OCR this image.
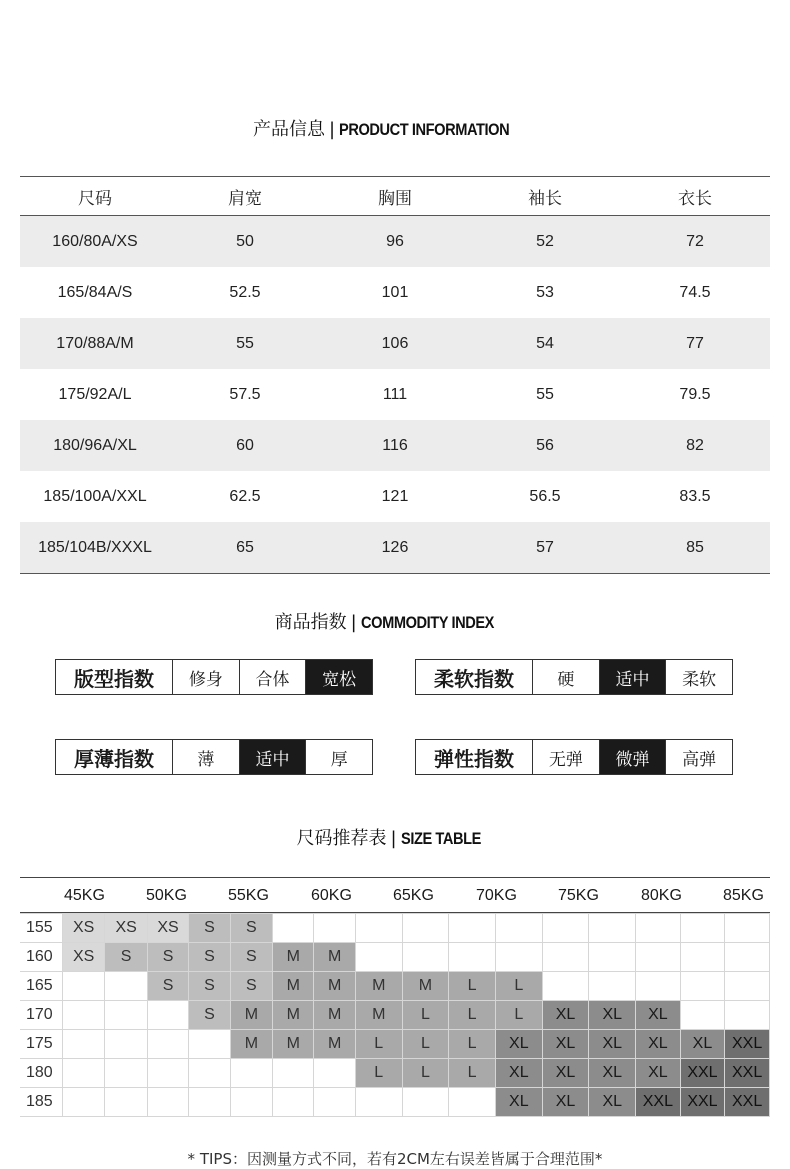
产品信息 | PRODUCT INFORMATION
尺码	肩宽	胸围	袖长	衣长
160/80A/XS	50	96	52	72
165/84A/S	52.5	101	53	74.5
170/88A/M	55	106	54	77
175/92A/L	57.5	111	55	79.5
180/96A/XL	60	116	56	82
185/100A/XXL	62.5	121	56.5	83.5
185/104B/XXXL	65	126	57	85
商品指数 | COMMODITY INDEX
版型指数	修身	合体	宽松	柔软指数	硬	适中	柔软
厚薄指数	薄	适中	厚	弹性指数	无弹	微弹	高弹
尺码推荐表 | SIZE TABLE
45KG	50KG	55KG	60KG	65KG	70KG	75KG	80KG	85KG
155	XS	XS	XS	S	S											
160	XS	S	S	S	S	M	M									
165			S	S	S	M	M	M	M	L	L					
170				S	M	M	M	M	L	L	L	XL	XL	XL		
175					M	M	M	L	L	L	XL	XL	XL	XL	XL	XXL
180								L	L	L	XL	XL	XL	XL	XXL	XXL
185											XL	XL	XL	XXL	XXL	XXL
* TIPS：因测量方式不同，若有2CM左右误差皆属于合理范围*
